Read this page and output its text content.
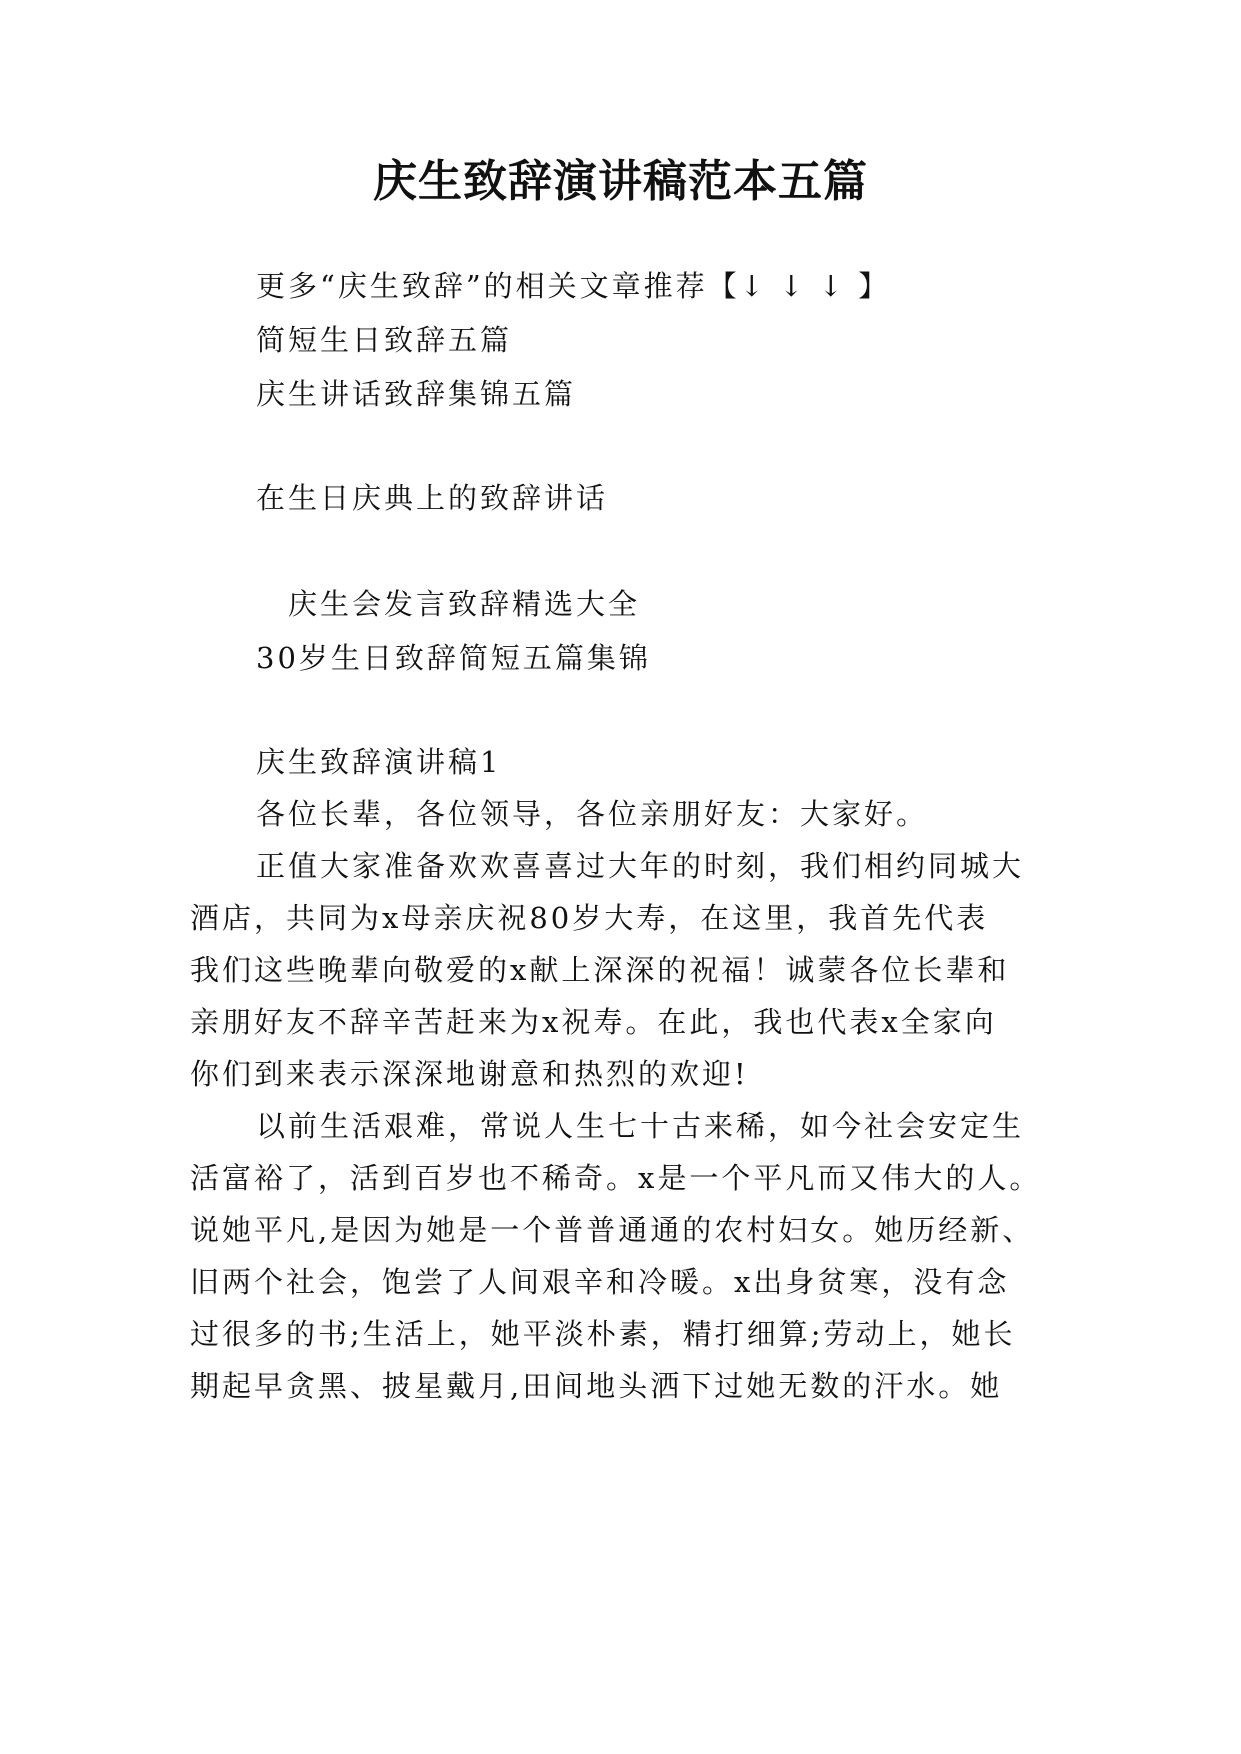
庆生致辞演讲稿范本五篇
更多“庆生致辞”的相关文章推荐【↓ ↓ ↓ 】
简短生日致辞五篇
庆生讲话致辞集锦五篇
在生日庆典上的致辞讲话
庆生会发言致辞精选大全
30岁生日致辞简短五篇集锦
庆生致辞演讲稿1
各位长辈，各位领导，各位亲朋好友：大家好。
正值大家准备欢欢喜喜过大年的时刻，我们相约同城大
酒店，共同为x母亲庆祝80岁大寿，在这里，我首先代表
我们这些晚辈向敬爱的x献上深深的祝福！诚蒙各位长辈和
亲朋好友不辞辛苦赶来为x祝寿。在此，我也代表x全家向
你们到来表示深深地谢意和热烈的欢迎!
以前生活艰难，常说人生七十古来稀，如今社会安定生
活富裕了，活到百岁也不稀奇。x是一个平凡而又伟大的人。
说她平凡,是因为她是一个普普通通的农村妇女。她历经新、
旧两个社会，饱尝了人间艰辛和冷暖。x出身贫寒，没有念
过很多的书;生活上，她平淡朴素，精打细算;劳动上，她长
期起早贪黑、披星戴月,田间地头洒下过她无数的汗水。她
